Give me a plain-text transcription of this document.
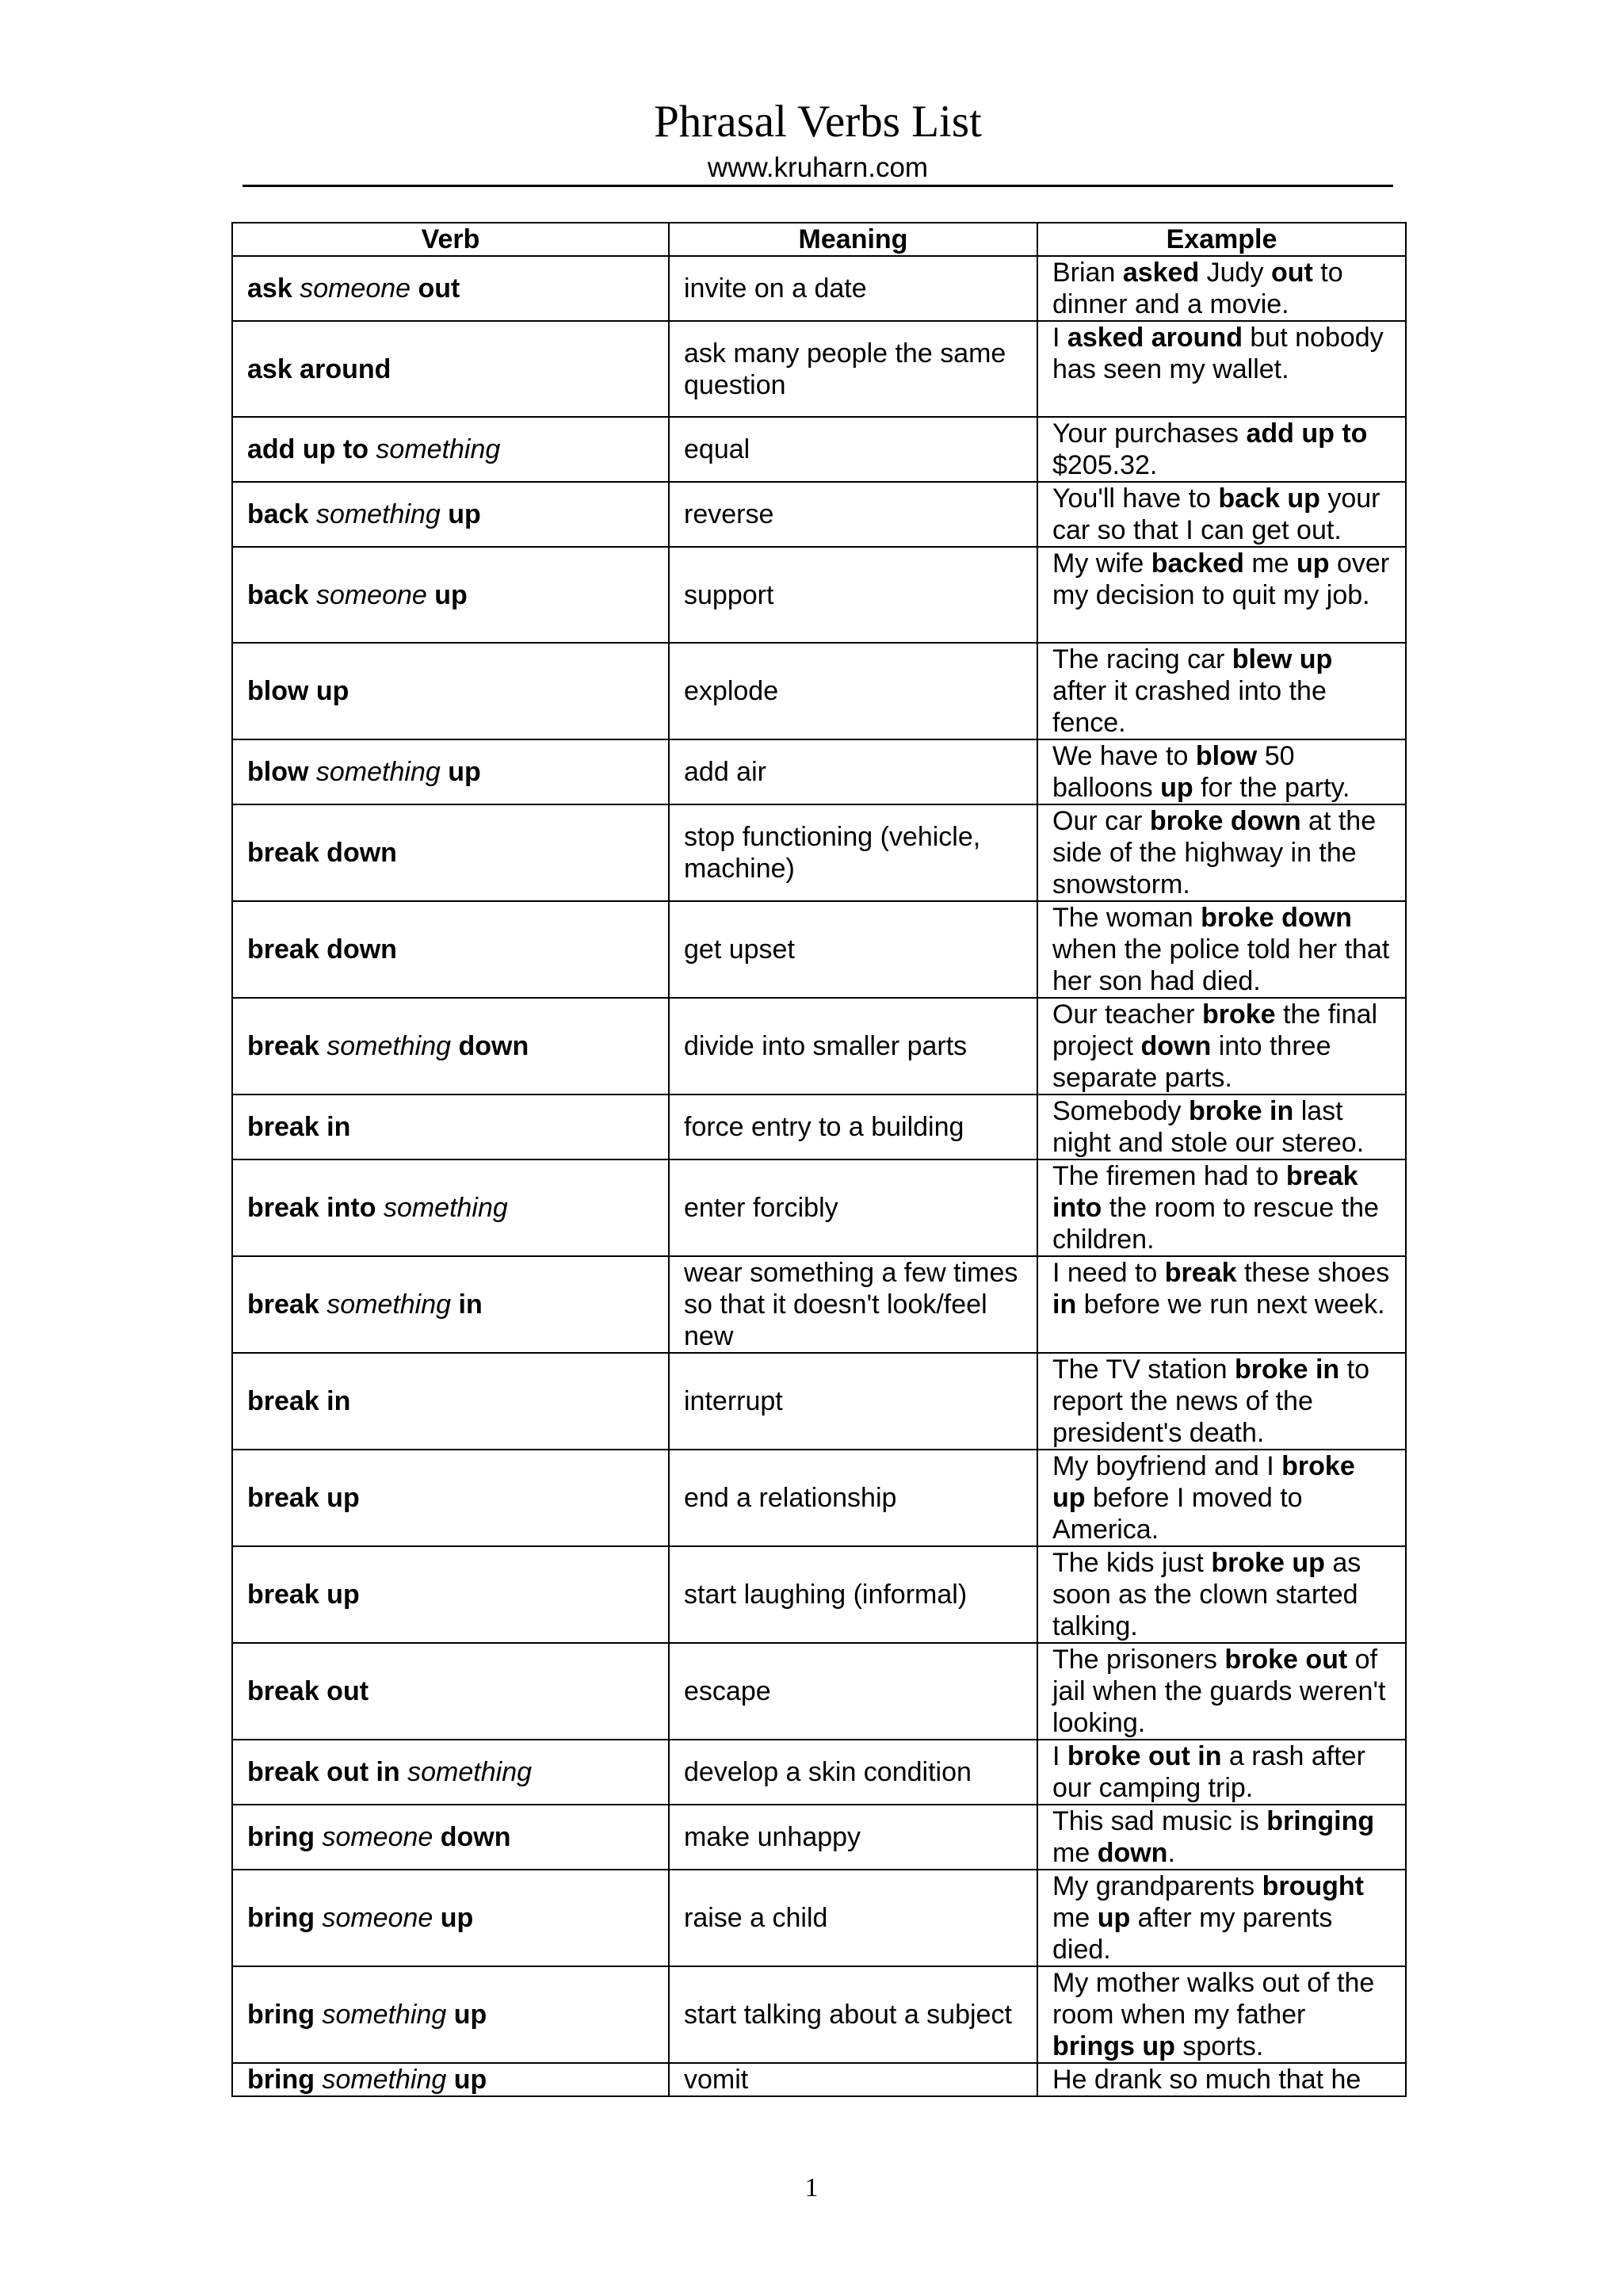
Phrasal Verbs List
www.kruharn.com
Verb	Meaning	Example
ask someone out	invite on a date	Brian asked Judy out to dinner and a movie.
ask around	ask many people the same question	I asked around but nobody has seen my wallet.
add up to something	equal	Your purchases add up to $205.32.
back something up	reverse	You'll have to back up your car so that I can get out.
back someone up	support	My wife backed me up over my decision to quit my job.
blow up	explode	The racing car blew up after it crashed into the fence.
blow something up	add air	We have to blow 50 balloons up for the party.
break down	stop functioning (vehicle, machine)	Our car broke down at the side of the highway in the snowstorm.
break down	get upset	The woman broke down when the police told her that her son had died.
break something down	divide into smaller parts	Our teacher broke the final project down into three separate parts.
break in	force entry to a building	Somebody broke in last night and stole our stereo.
break into something	enter forcibly	The firemen had to break into the room to rescue the children.
break something in	wear something a few times so that it doesn't look/feel new	I need to break these shoes in before we run next week.
break in	interrupt	The TV station broke in to report the news of the president's death.
break up	end a relationship	My boyfriend and I broke up before I moved to America.
break up	start laughing (informal)	The kids just broke up as soon as the clown started talking.
break out	escape	The prisoners broke out of jail when the guards weren't looking.
break out in something	develop a skin condition	I broke out in a rash after our camping trip.
bring someone down	make unhappy	This sad music is bringing me down.
bring someone up	raise a child	My grandparents brought me up after my parents died.
bring something up	start talking about a subject	My mother walks out of the room when my father brings up sports.
bring something up	vomit	He drank so much that he
1
